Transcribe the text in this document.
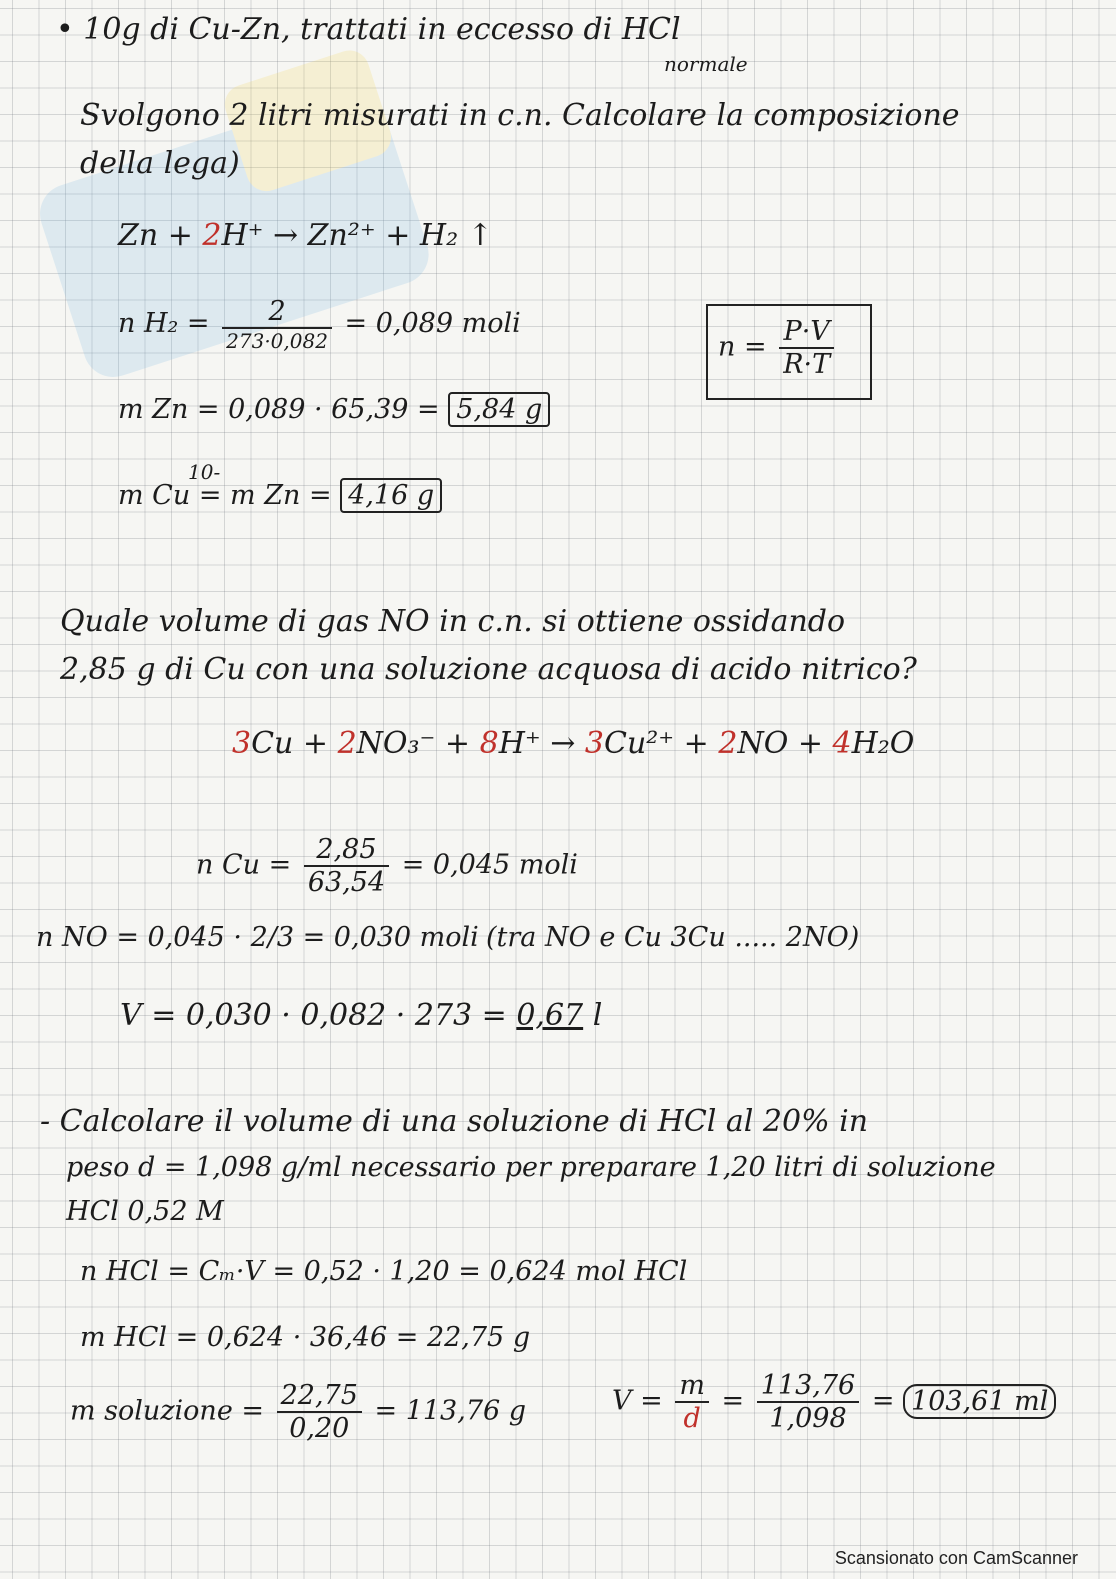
• 10g di Cu-Zn, trattati in eccesso di HCl
normale
Svolgono 2 litri misurati in c.n. Calcolare la composizione
della lega)
Zn + 2H⁺ → Zn²⁺ + H₂ ↑
n $H_2 = \frac{2}{273\cdot 0,082} = 0,089$ moli
$n = \frac{P\cdot V}{R\cdot T}$
m Zn = 0,089 · 65,39 = 5,84 g
10-
m Cu = m Zn = 4,16 g
Quale volume di gas NO in c.n. si ottiene ossidando
2,85 g di Cu con una soluzione acquosa di acido nitrico?
3Cu + 2NO₃⁻ + 8H⁺ → 3Cu²⁺ + 2NO + 4H₂O
n $Cu = \frac{2,85}{63,54} = 0,045$ moli
n NO = 0,045 · 2/3 = 0,030 moli (tra NO e Cu 3Cu ..... 2NO)
V = 0,030 · 0,082 · 273 = 0,67 l
- Calcolare il volume di una soluzione di HCl al 20% in
peso d = 1,098 g/ml necessario per preparare 1,20 litri di soluzione
HCl 0,52 M
n HCl = Cₘ·V = 0,52 · 1,20 = 0,624 mol HCl
m HCl = 0,624 · 36,46 = 22,75 g
m soluzione = $\frac{22,75}{0,20} = 113,76$ g	$V = \frac{m}{d} = \frac{113,76}{1,098} = 103,61$ ml
Scansionato con CamScanner
